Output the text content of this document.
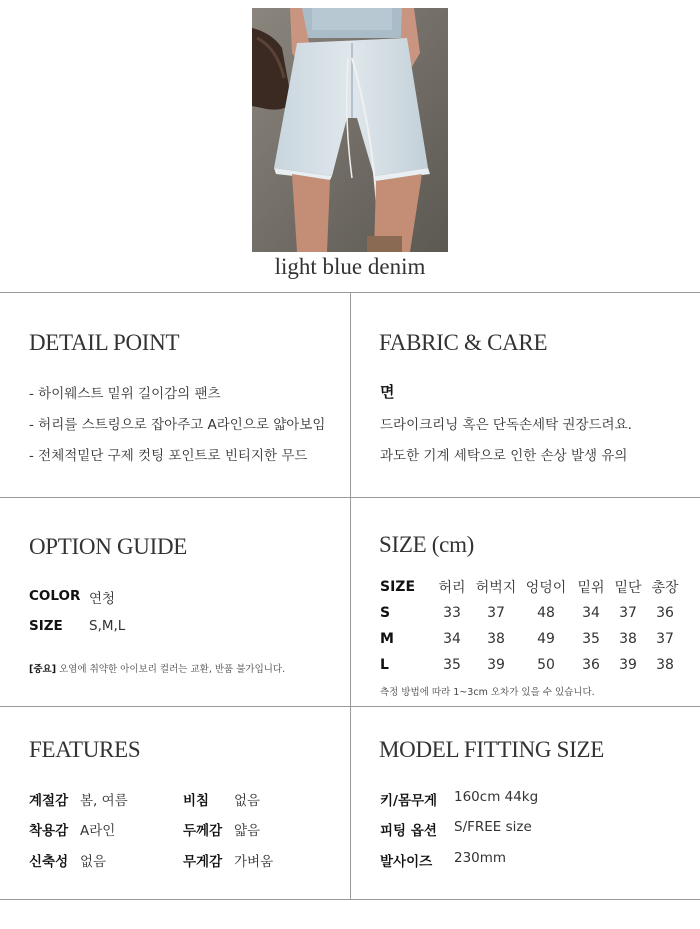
light blue denim
DETAIL POINT
- 하이웨스트 밑위 길이감의 팬츠
- 허리를 스트링으로 잡아주고 A라인으로 얇아보임
- 전체적밑단 구제 컷팅 포인트로 빈티지한 무드
FABRIC & CARE
면
드라이크리닝 혹은 단독손세탁 권장드려요.
과도한 기계 세탁으로 인한 손상 발생 유의
OPTION GUIDE
COLOR 연청
SIZE S,M,L
[중요] 오염에 취약한 아이보리 컬러는 교환, 반품 불가입니다.
SIZE (cm)
SIZE	허리	허벅지	엉덩이	밑위	밑단	총장
S	33	37	48	34	37	36
M	34	38	49	35	38	37
L	35	39	50	36	39	38
측정 방법에 따라 1~3cm 오차가 있을 수 있습니다.
FEATURES
계절감 봄, 여름	비침 없음
착용감 A라인	두께감 얇음
신축성 없음	무게감 가벼움
MODEL FITTING SIZE
키/몸무게 160cm 44kg
피팅 옵션 S/FREE size
발사이즈 230mm
